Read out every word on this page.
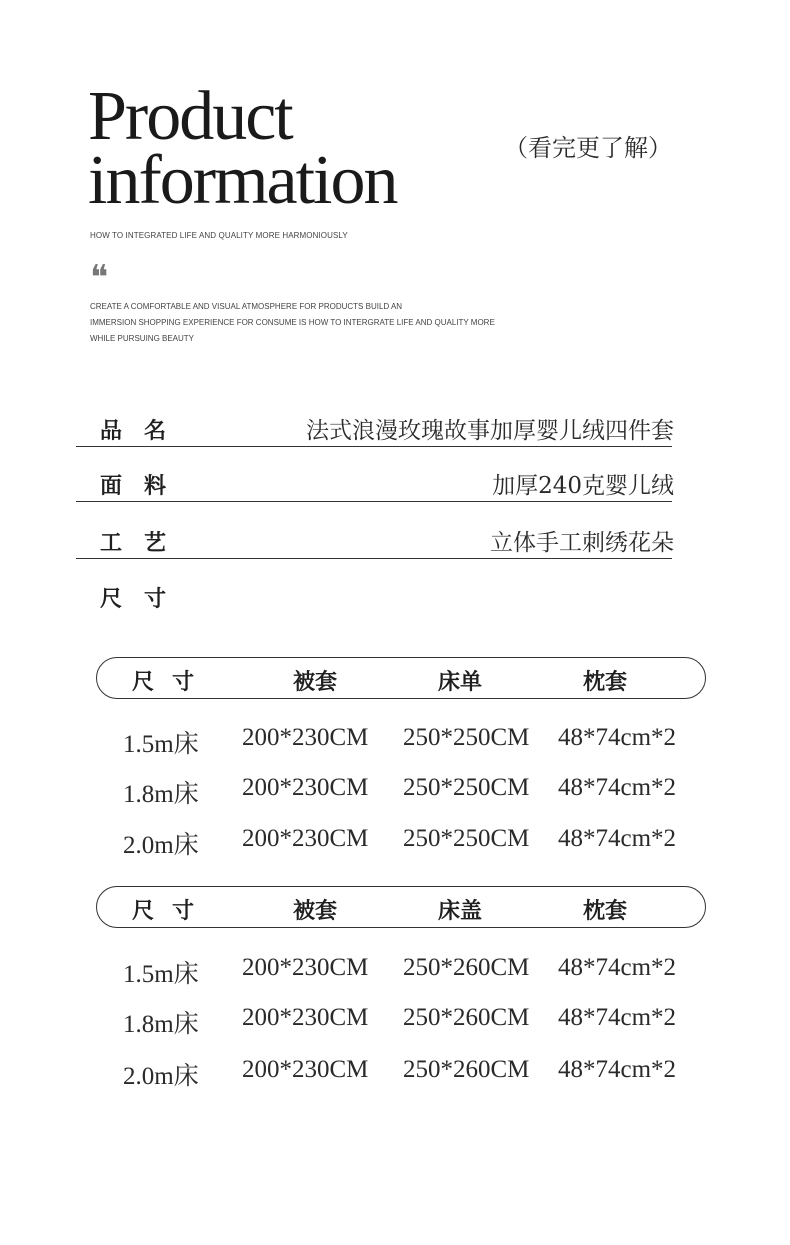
Product
information	（看完更了解）
HOW TO INTEGRATED LIFE AND QUALITY MORE HARMONIOUSLY
❝
CREATE A COMFORTABLE AND VISUAL ATMOSPHERE FOR PRODUCTS BUILD AN
IMMERSION SHOPPING EXPERIENCE FOR CONSUME IS HOW TO INTERGRATE LIFE AND QUALITY MORE
WHILE PURSUING BEAUTY
品名	法式浪漫玫瑰故事加厚婴儿绒四件套
面料	加厚240克婴儿绒
工艺	立体手工刺绣花朵
尺寸
尺寸	被套	床单	枕套
1.5m床 200*230CM 250*250CM 48*74cm*2
1.8m床 200*230CM 250*250CM 48*74cm*2
2.0m床 200*230CM 250*250CM 48*74cm*2
尺寸	被套	床盖	枕套
1.5m床 200*230CM 250*260CM 48*74cm*2
1.8m床 200*230CM 250*260CM 48*74cm*2
2.0m床 200*230CM 250*260CM 48*74cm*2
